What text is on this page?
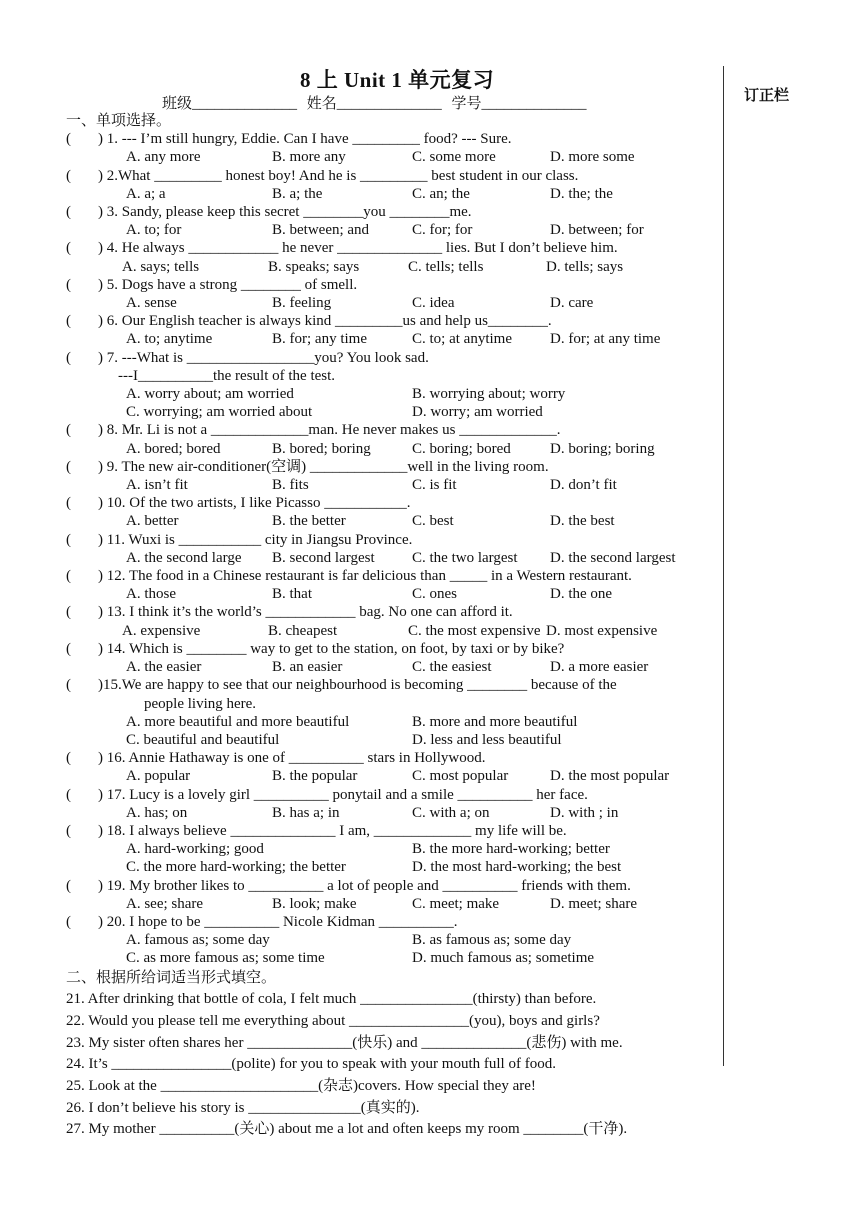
8 上 Unit 1 单元复习
班级______________ 姓名______________ 学号______________	订正栏
一、单项选择。
(	) 1. --- I’m still hungry, Eddie. Can I have _________ food? --- Sure.
A. any more	B. more any	C. some more	D. more some
(	) 2.What _________ honest boy! And he is _________ best student in our class.
A. a; a	B. a; the	C. an; the	D. the; the
(	) 3. Sandy, please keep this secret ________you ________me.
A. to; for	B. between; and	C. for; for	D. between; for
(	) 4. He always ____________ he never ______________ lies. But I don’t believe him.
A. says; tells	B. speaks; says	C. tells; tells	D. tells; says
(	) 5. Dogs have a strong ________ of smell.
A. sense	B. feeling	C. idea	D. care
(	) 6. Our English teacher is always kind _________us and help us________.
A. to; anytime	B. for; any time	C. to; at anytime	D. for; at any time
(	) 7. ---What is _________________you? You look sad.
---I__________the result of the test.
A. worry about; am worried	B. worrying about; worry
C. worrying; am worried about	D. worry; am worried
(	) 8. Mr. Li is not a _____________man. He never makes us _____________.
A. bored; bored	B. bored; boring	C. boring; bored	D. boring; boring
(	) 9. The new air-conditioner(空调) _____________well in the living room.
A. isn’t fit	B. fits	C. is fit	D. don’t fit
(	) 10. Of the two artists, I like Picasso ___________.
A. better	B. the better	C. best	D. the best
(	) 11. Wuxi is ___________ city in Jiangsu Province.
A. the second large	B. second largest	C. the two largest	D. the second largest
(	) 12. The food in a Chinese restaurant is far delicious than _____ in a Western restaurant.
A. those	B. that	C. ones	D. the one
(	) 13. I think it’s the world’s ____________ bag. No one can afford it.
A. expensive	B. cheapest	C. the most expensive D. most expensive
(	) 14. Which is ________ way to get to the station, on foot, by taxi or by bike?
A. the easier	B. an easier	C. the easiest	D. a more easier
(	)15.We are happy to see that our neighbourhood is becoming ________ because of the
people living here.
A. more beautiful and more beautiful	B. more and more beautiful
C. beautiful and beautiful	D. less and less beautiful
(	) 16. Annie Hathaway is one of __________ stars in Hollywood.
A. popular	B. the popular	C. most popular	D. the most popular
(	) 17. Lucy is a lovely girl __________ ponytail and a smile __________ her face.
A. has; on	B. has a; in	C. with a; on	D. with ; in
(	) 18. I always believe ______________ I am, _____________ my life will be.
A. hard-working; good	B. the more hard-working; better
C. the more hard-working; the better	D. the most hard-working; the best
(	) 19. My brother likes to __________ a lot of people and __________ friends with them.
A. see; share	B. look; make	C. meet; make	D. meet; share
(	) 20. I hope to be __________ Nicole Kidman __________.
A. famous as; some day	B. as famous as; some day
C. as more famous as; some time	D. much famous as; sometime
二、根据所给词适当形式填空。
21. After drinking that bottle of cola, I felt much _______________(thirsty) than before.
22. Would you please tell me everything about ________________(you), boys and girls?
23. My sister often shares her ______________(快乐) and ______________(悲伤) with me.
24. It’s ________________(polite) for you to speak with your mouth full of food.
25. Look at the _____________________(杂志)covers. How special they are!
26. I don’t believe his story is _______________(真实的).
27. My mother __________(关心) about me a lot and often keeps my room ________(干净).
